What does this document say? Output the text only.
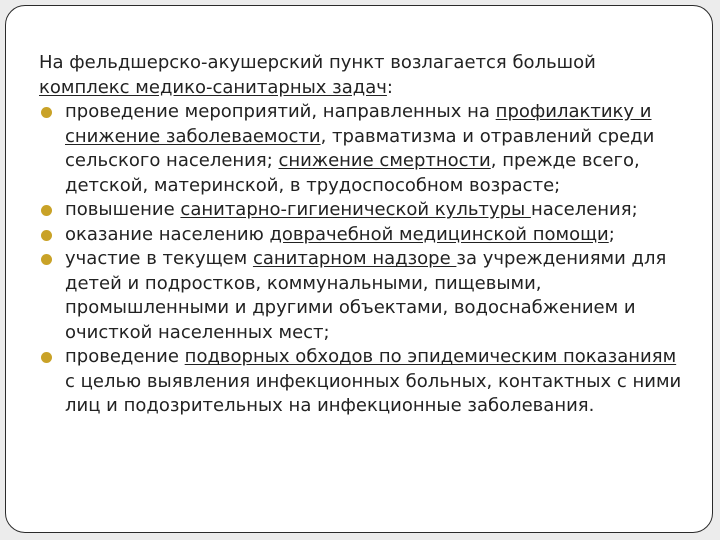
На фельдшерско-акушерский пункт возлагается большой комплекс медико-санитарных задач:

проведение мероприятий, направленных на профилактику и снижение заболеваемости, травматизма и отравлений среди сельского населения; снижение смертности, прежде всего, детской, материнской, в трудоспособном возрасте;
повышение санитарно-гигиенической культуры населения;
оказание населению доврачебной медицинской помощи;
участие в текущем санитарном надзоре за учреждениями для детей и подростков, коммунальными, пищевыми, промышленными и другими объектами, водоснабжением и очисткой населенных мест;
проведение подворных обходов по эпидемическим показаниям с целью выявления инфекционных больных, контактных с ними лиц и подозрительных на инфекционные заболевания.
